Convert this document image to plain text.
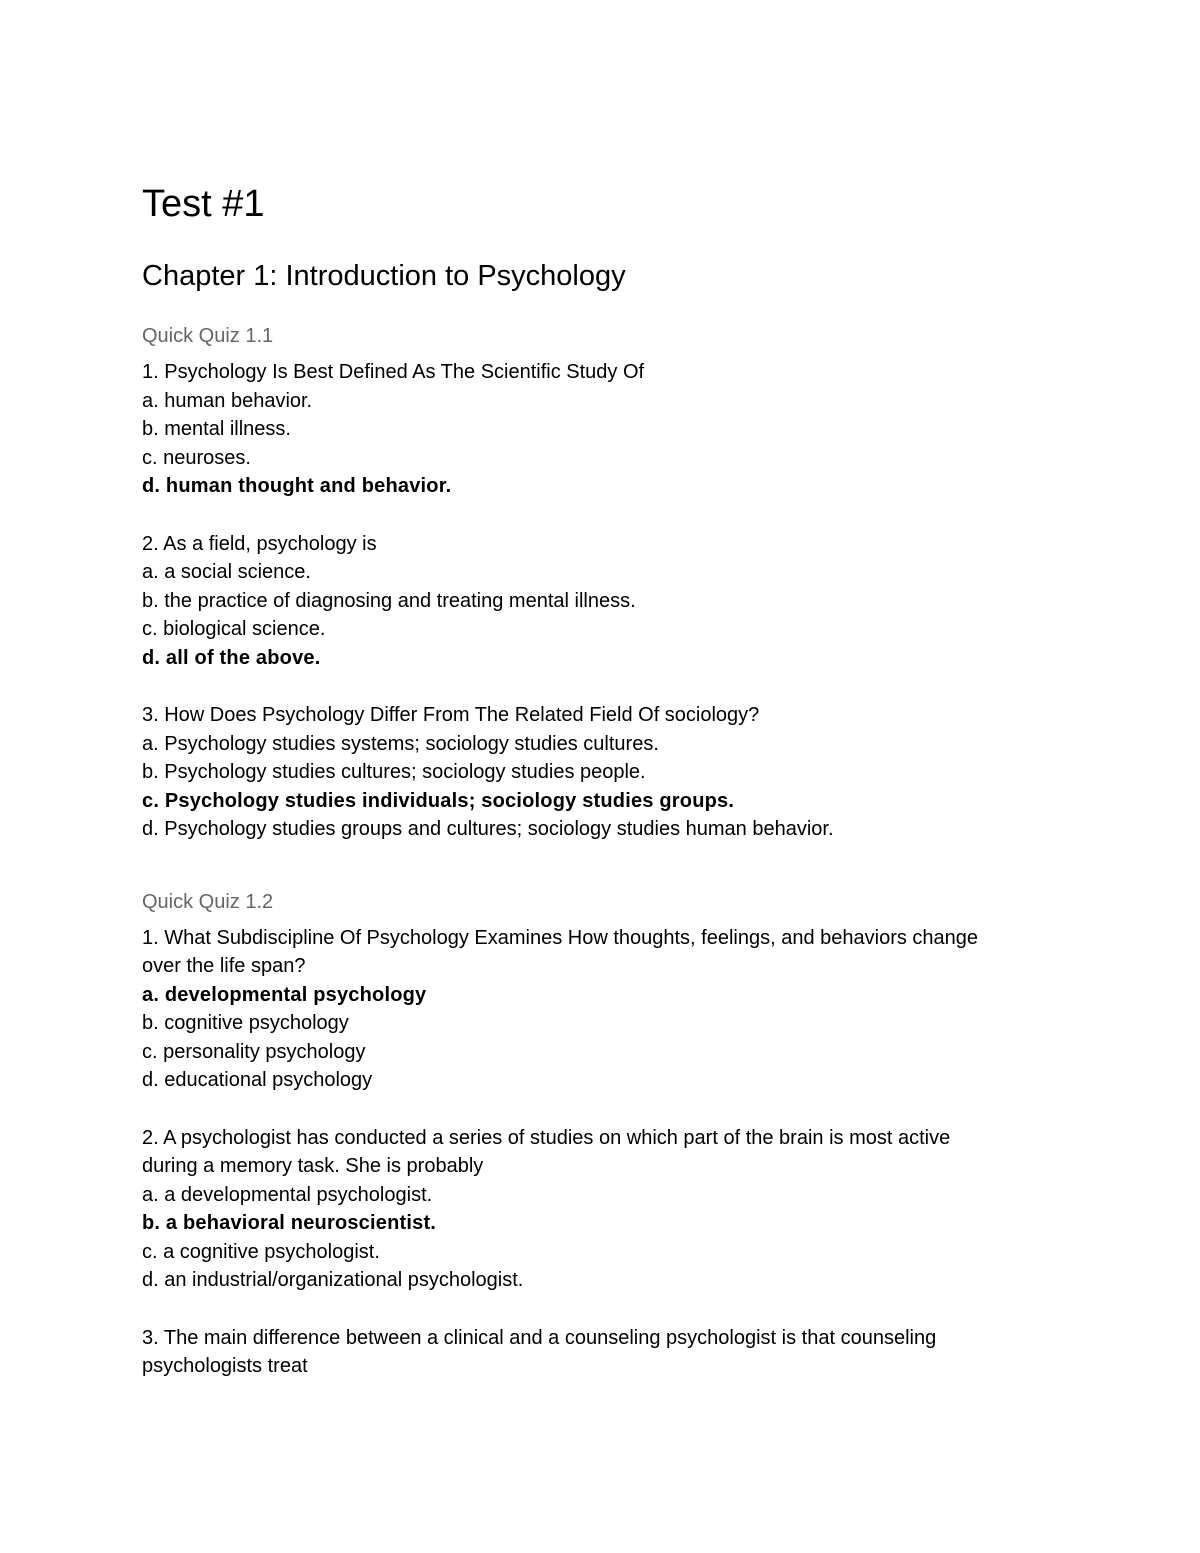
Test #1
Chapter 1: Introduction to Psychology
Quick Quiz 1.1
1. Psychology Is Best Defined As The Scientific Study Of
a. human behavior.
b. mental illness.
c. neuroses.
d. human thought and behavior.
2. As a field, psychology is
a. a social science.
b. the practice of diagnosing and treating mental illness.
c. biological science.
d. all of the above.
3. How Does Psychology Differ From The Related Field Of sociology?
a. Psychology studies systems; sociology studies cultures.
b. Psychology studies cultures; sociology studies people.
c. Psychology studies individuals; sociology studies groups.
d. Psychology studies groups and cultures; sociology studies human behavior.
Quick Quiz 1.2
1. What Subdiscipline Of Psychology Examines How thoughts, feelings, and behaviors change
over the life span?
a. developmental psychology
b. cognitive psychology
c. personality psychology
d. educational psychology
2. A psychologist has conducted a series of studies on which part of the brain is most active
during a memory task. She is probably
a. a developmental psychologist.
b. a behavioral neuroscientist.
c. a cognitive psychologist.
d. an industrial/organizational psychologist.
3. The main difference between a clinical and a counseling psychologist is that counseling
psychologists treat
